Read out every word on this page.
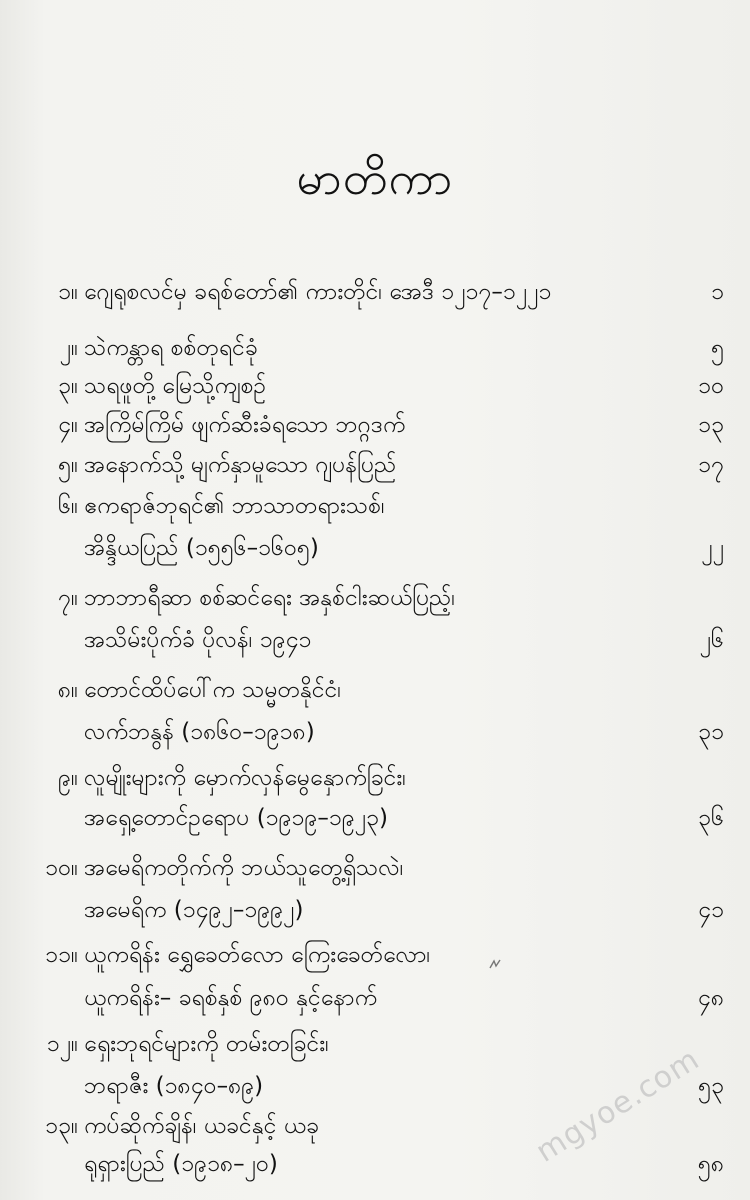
မာတိကာ
၁။ ဂျေရုစလင်မှ ခရစ်တော်၏ ကားတိုင်၊ အေဒီ ၁၂၁၇–၁၂၂၁	၁
၂။ သဲကန္တာရ စစ်တုရင်ခုံ	၅
၃။ သရဖူတို့ မြေသို့ကျစဉ်	၁၀
၄။ အကြိမ်ကြိမ် ဖျက်ဆီးခံရသော ဘဂ္ဂဒက်	၁၃
၅။ အနောက်သို့ မျက်နှာမူသော ဂျပန်ပြည်	၁၇
၆။ ဧကရာဇ်ဘုရင်၏ ဘာသာတရားသစ်၊
အိန္ဒိယပြည် (၁၅၅၆–၁၆၀၅)	၂၂
၇။ ဘာဘာရီဆာ စစ်ဆင်ရေး အနှစ်ငါးဆယ်ပြည့်၊
အသိမ်းပိုက်ခံ ပိုလန်၊ ၁၉၄၁	၂၆
၈။ တောင်ထိပ်ပေါ်က သမ္မတနိုင်ငံ၊
လက်ဘနွန် (၁၈၆၀–၁၉၁၈)	၃၁
၉။ လူမျိုးများကို မှောက်လှန်မွေနှောက်ခြင်း၊
အရှေ့တောင်ဥရောပ (၁၉၁၉–၁၉၂၃)	၃၆
၁၀။ အမေရိကတိုက်ကို ဘယ်သူတွေ့ရှိသလဲ၊
အမေရိက (၁၄၉၂–၁၉၉၂)	၄၁
၁၁။ ယူကရိန်း ရွှေခေတ်လော ကြေးခေတ်လော၊
ယူကရိန်း– ခရစ်နှစ် ၉၈၀ နှင့်နောက်	၄၈
၁၂။ ရှေးဘုရင်များကို တမ်းတခြင်း၊
ဘရာဇီး (၁၈၄၀–၈၉)	၅၃
၁၃။ ကပ်ဆိုက်ချိန်၊ ယခင်နှင့် ယခု
ရုရှားပြည် (၁၉၁၈–၂၀)	၅၈
mgyoe.com
